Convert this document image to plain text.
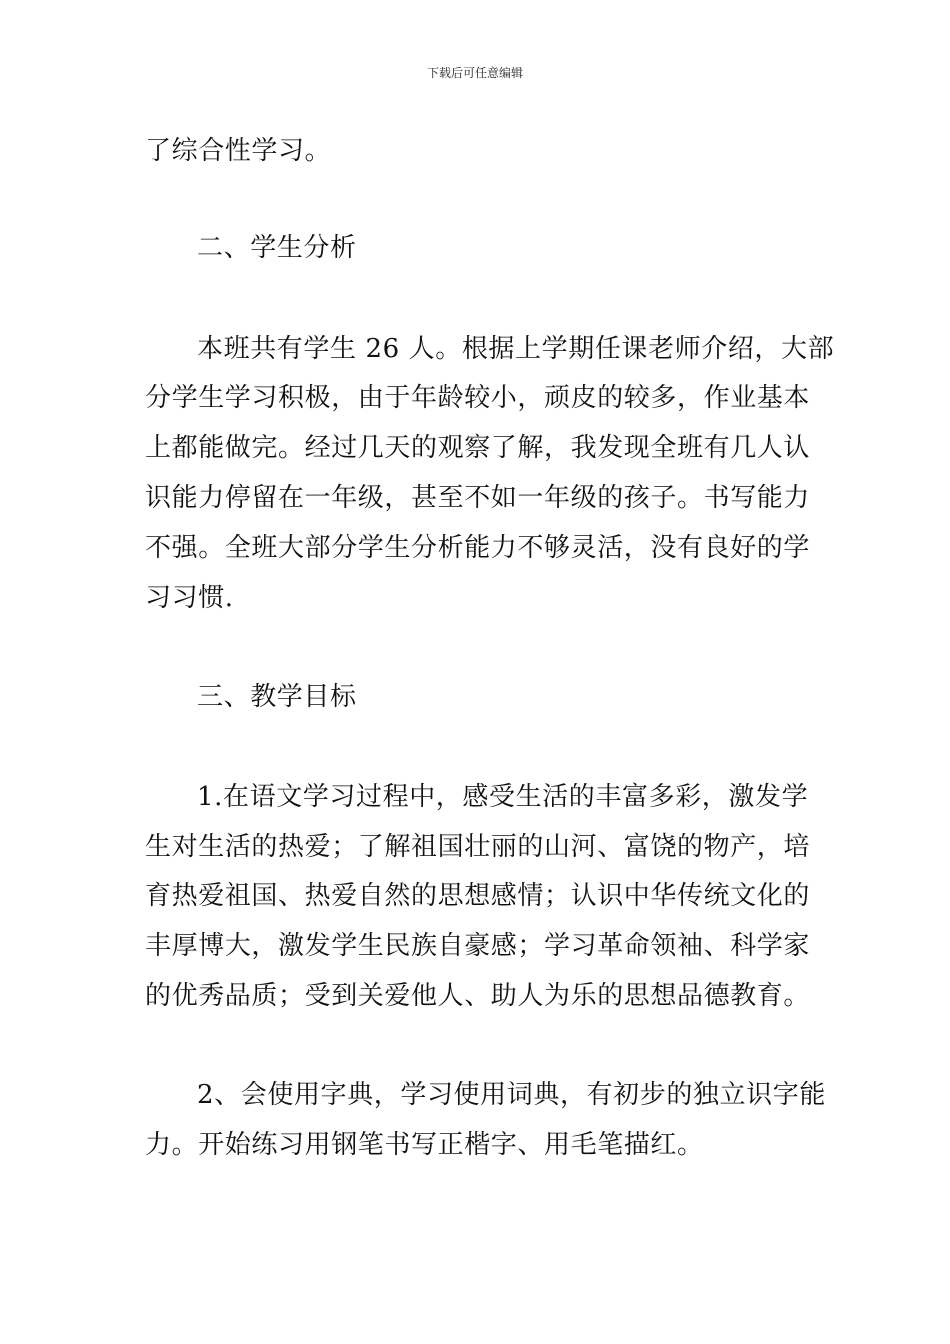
下载后可任意编辑
了综合性学习。
二、学生分析
本班共有学生 26 人。根据上学期任课老师介绍，大部
分学生学习积极，由于年龄较小，顽皮的较多，作业基本
上都能做完。经过几天的观察了解，我发现全班有几人认
识能力停留在一年级，甚至不如一年级的孩子。书写能力
不强。全班大部分学生分析能力不够灵活，没有良好的学
习习惯.
三、教学目标
1.在语文学习过程中，感受生活的丰富多彩，激发学
生对生活的热爱；了解祖国壮丽的山河、富饶的物产，培
育热爱祖国、热爱自然的思想感情；认识中华传统文化的
丰厚博大，激发学生民族自豪感；学习革命领袖、科学家
的优秀品质；受到关爱他人、助人为乐的思想品德教育。
2、会使用字典，学习使用词典，有初步的独立识字能
力。开始练习用钢笔书写正楷字、用毛笔描红。
